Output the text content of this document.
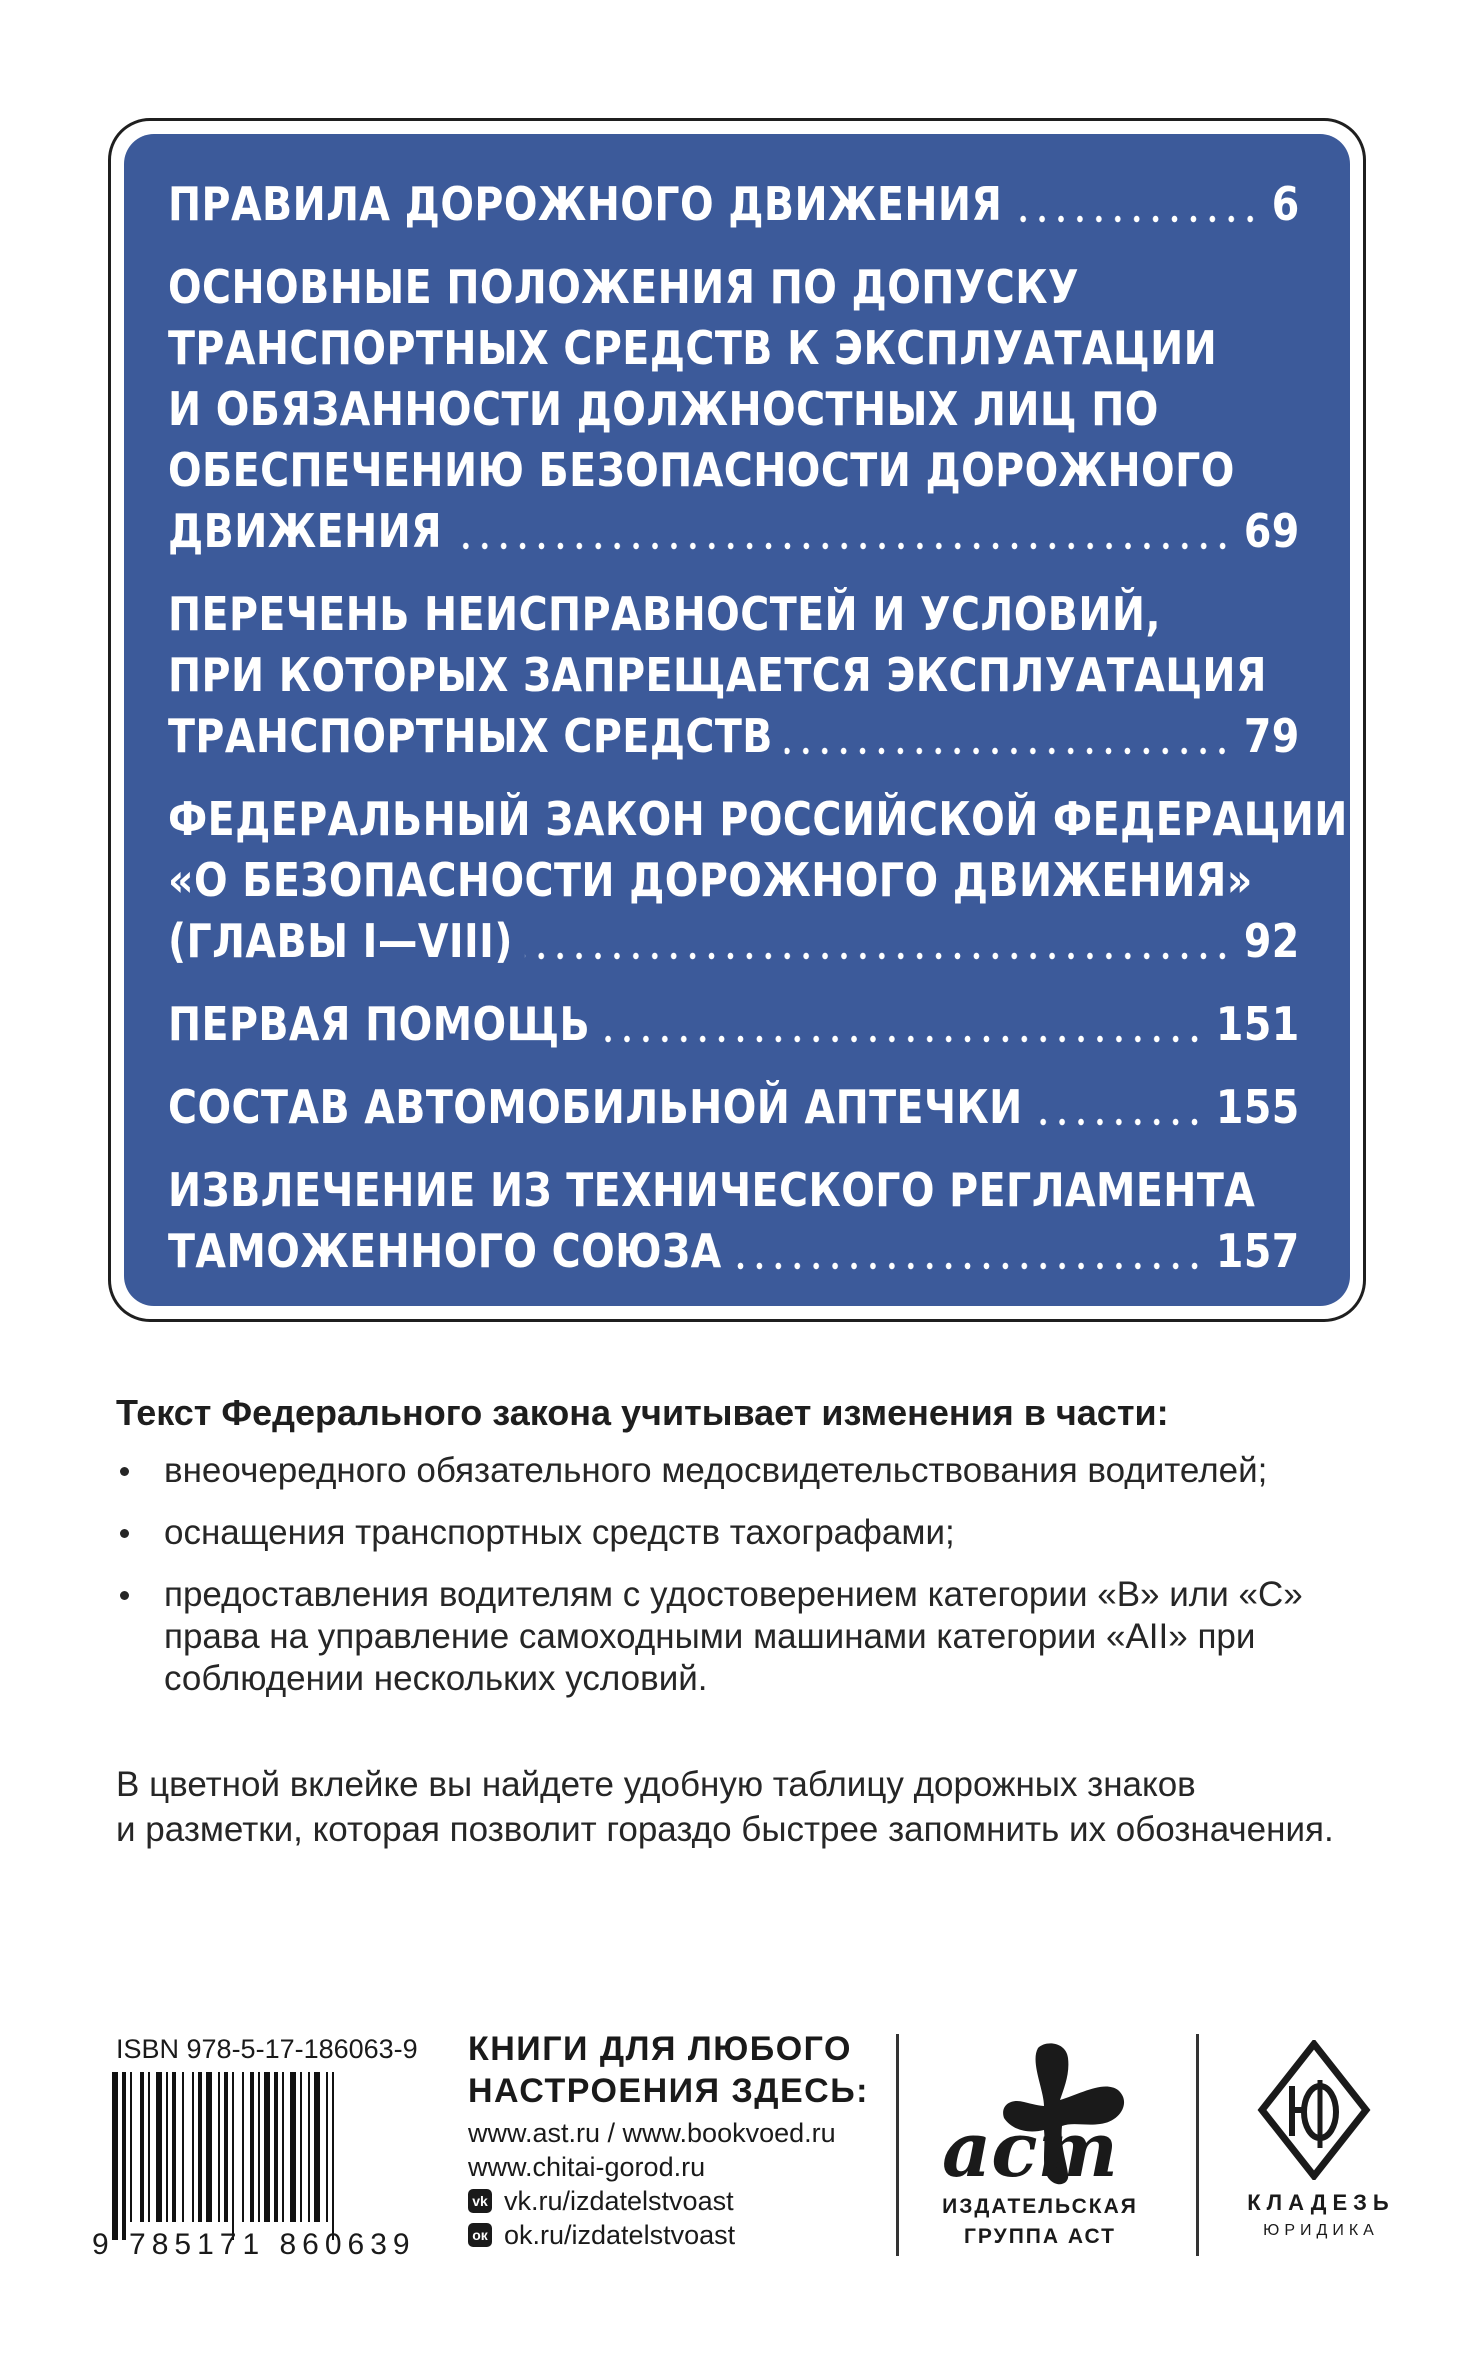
ПРАВИЛА ДОРОЖНОГО ДВИЖЕНИЯ	6
ОСНОВНЫЕ ПОЛОЖЕНИЯ ПО ДОПУСКУ
ТРАНСПОРТНЫХ СРЕДСТВ К ЭКСПЛУАТАЦИИ
И ОБЯЗАННОСТИ ДОЛЖНОСТНЫХ ЛИЦ ПО
ОБЕСПЕЧЕНИЮ БЕЗОПАСНОСТИ ДОРОЖНОГО
ДВИЖЕНИЯ	69
ПЕРЕЧЕНЬ НЕИСПРАВНОСТЕЙ И УСЛОВИЙ,
ПРИ КОТОРЫХ ЗАПРЕЩАЕТСЯ ЭКСПЛУАТАЦИЯ
ТРАНСПОРТНЫХ СРЕДСТВ	79
ФЕДЕРАЛЬНЫЙ ЗАКОН РОССИЙСКОЙ ФЕДЕРАЦИИ
«О БЕЗОПАСНОСТИ ДОРОЖНОГО ДВИЖЕНИЯ»
(ГЛАВЫ I—VIII)	92
ПЕРВАЯ ПОМОЩЬ	151
СОСТАВ АВТОМОБИЛЬНОЙ АПТЕЧКИ	155
ИЗВЛЕЧЕНИЕ ИЗ ТЕХНИЧЕСКОГО РЕГЛАМЕНТА
ТАМОЖЕННОГО СОЮЗА	157
Текст Федерального закона учитывает изменения в части:
внеочередного обязательного медосвидетельствования водителей;
оснащения транспортных средств тахографами;
предоставления водителям с удостоверением категории «B» или «C» права на управление самоходными машинами категории «AII» при соблюдении нескольких условий.
В цветной вклейке вы найдете удобную таблицу дорожных знаков
и разметки, которая позволит гораздо быстрее запомнить их обозначения.
ISBN 978-5-17-186063-9
9 785171 860639
КНИГИ ДЛЯ ЛЮБОГО
НАСТРОЕНИЯ ЗДЕСЬ:
www.ast.ru / www.bookvoed.ru
www.chitai-gorod.ru
vk vk.ru/izdatelstvoast
ок ok.ru/izdatelstvoast
аст
ИЗДАТЕЛЬСКАЯ
ГРУППА АСТ
КЛАДЕЗЬ
ЮРИДИКА
